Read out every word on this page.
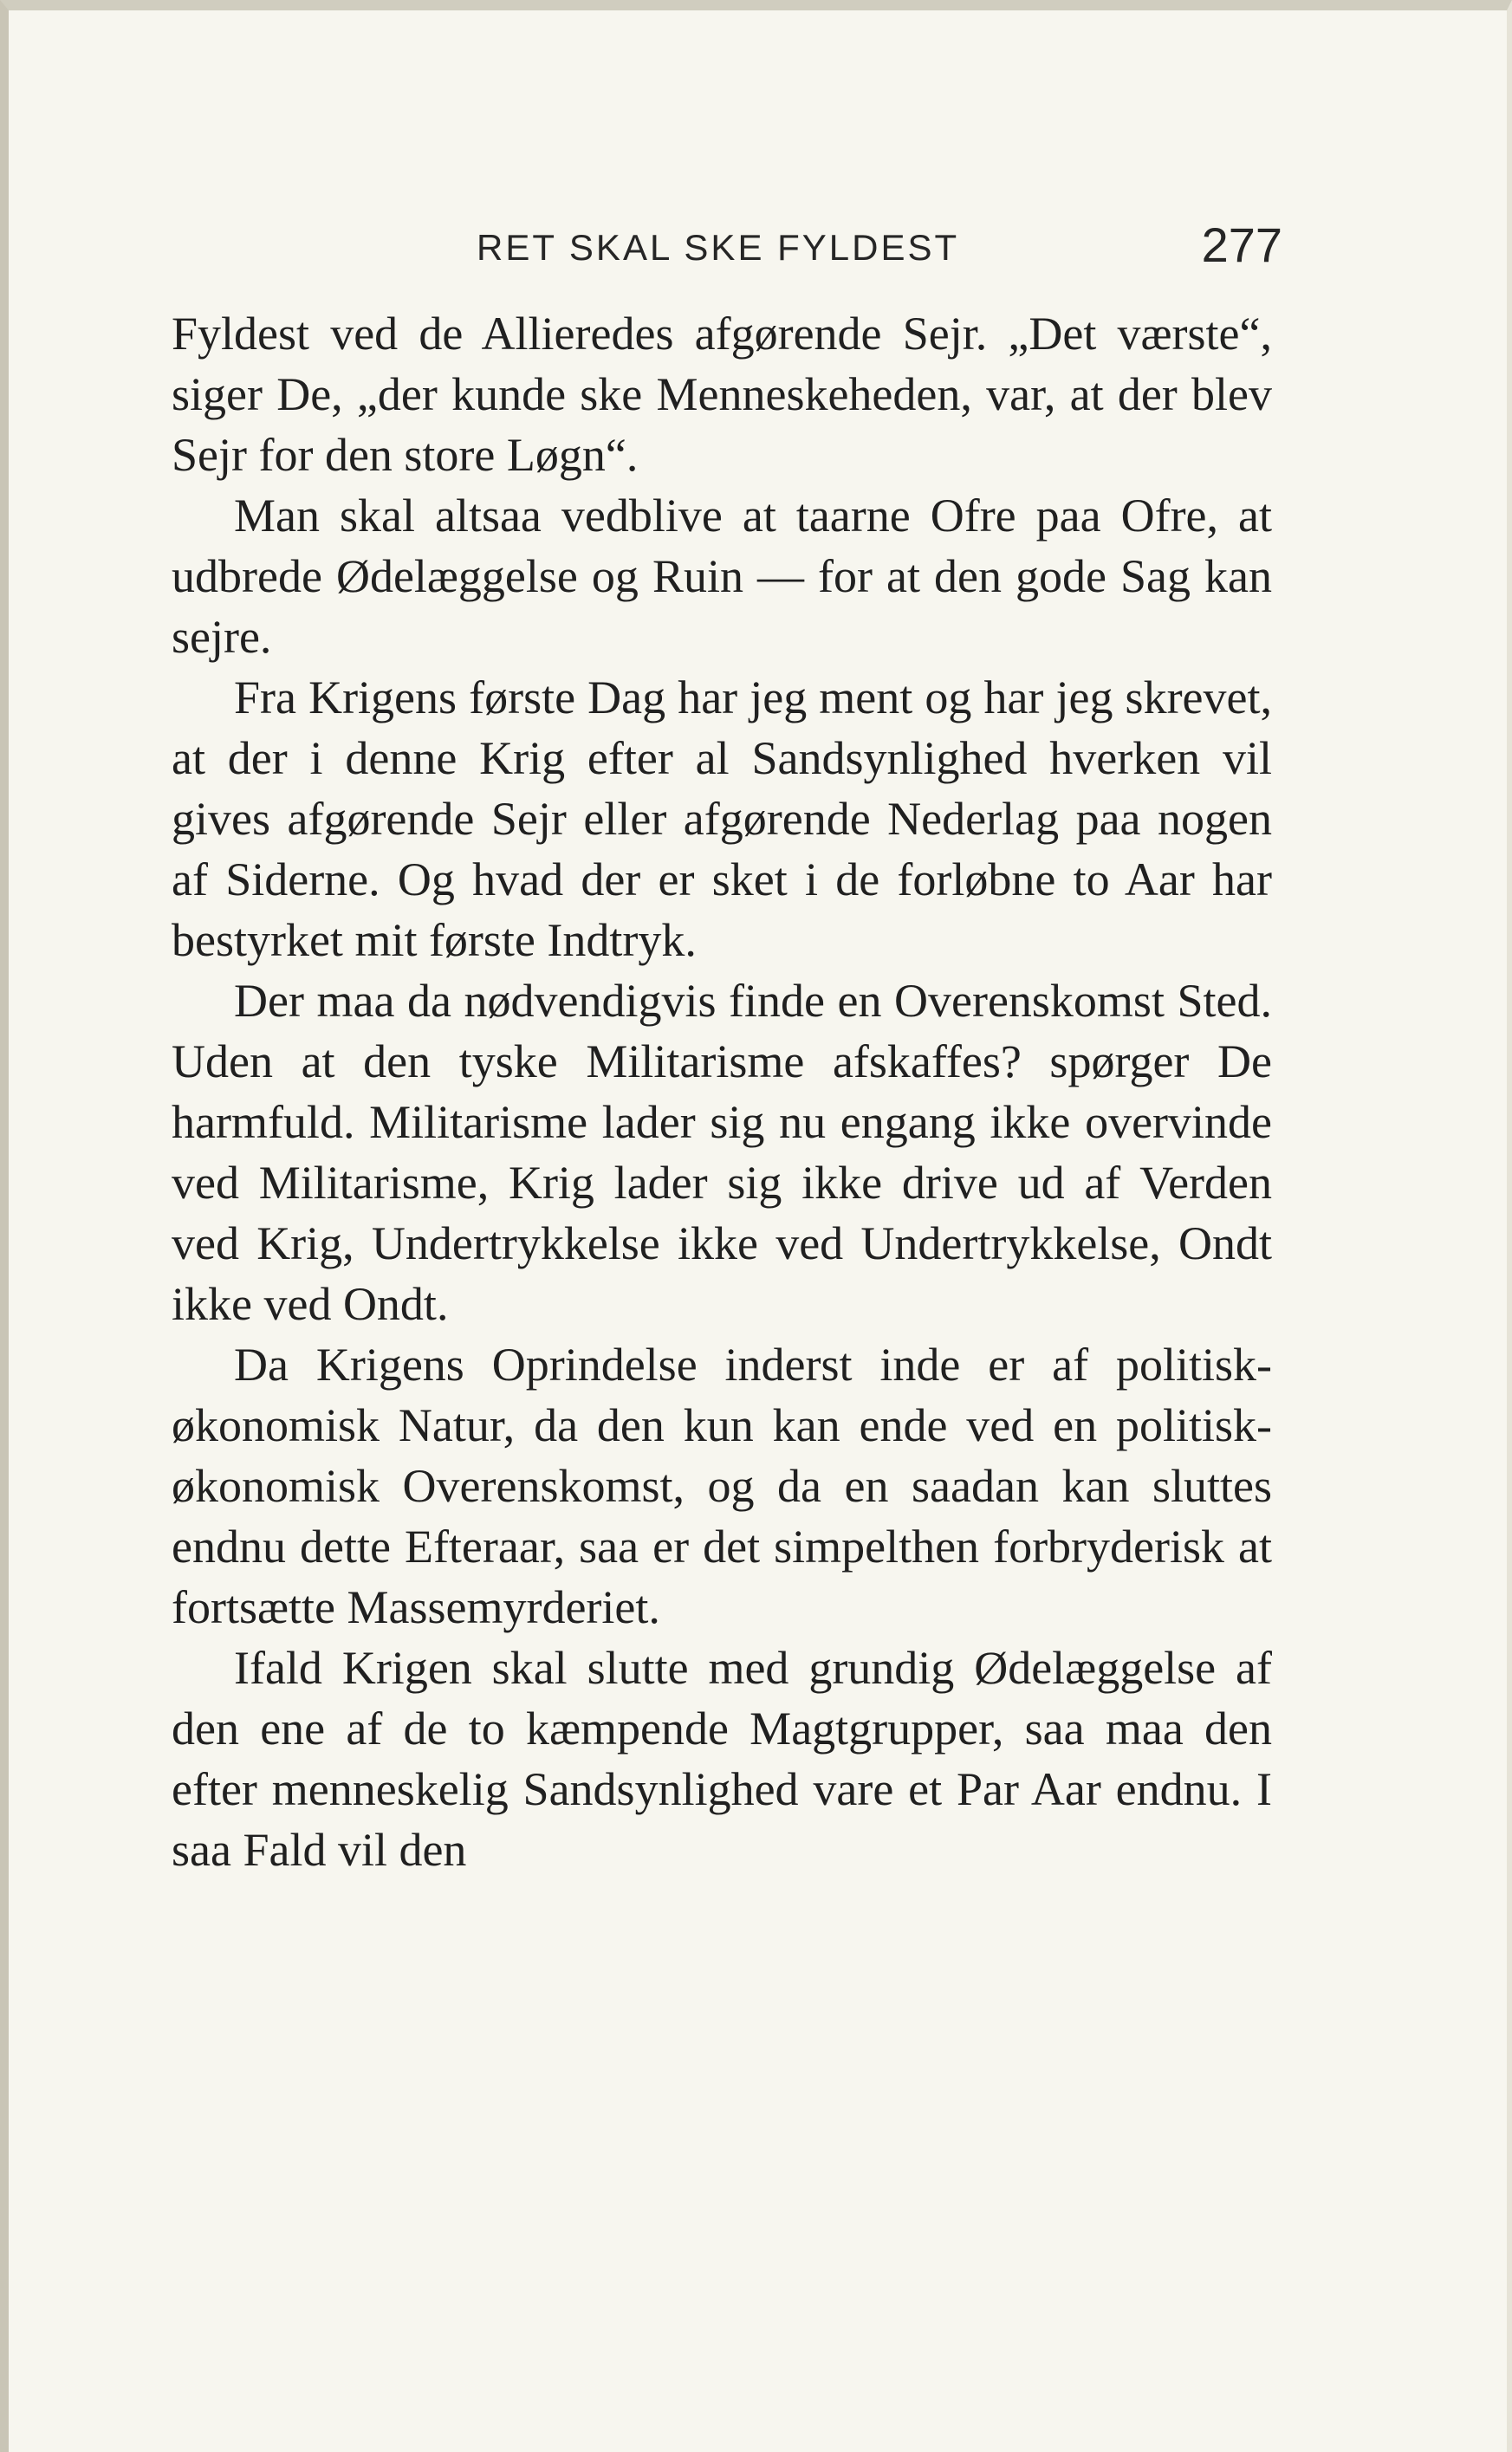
RET SKAL SKE FYLDEST	277

Fyldest ved de Allieredes afgørende Sejr. „Det værste“, siger De, „der kunde ske Menneskeheden, var, at der blev Sejr for den store Løgn“.

Man skal altsaa vedblive at taarne Ofre paa Ofre, at udbrede Ødelæggelse og Ruin — for at den gode Sag kan sejre.

Fra Krigens første Dag har jeg ment og har jeg skrevet, at der i denne Krig efter al Sandsynlighed hverken vil gives afgørende Sejr eller afgørende Nederlag paa nogen af Siderne. Og hvad der er sket i de forløbne to Aar har bestyrket mit første Indtryk.

Der maa da nødvendigvis finde en Overenskomst Sted. Uden at den tyske Militarisme afskaffes? spørger De harmfuld. Militarisme lader sig nu engang ikke overvinde ved Militarisme, Krig lader sig ikke drive ud af Verden ved Krig, Undertrykkelse ikke ved Undertrykkelse, Ondt ikke ved Ondt.

Da Krigens Oprindelse inderst inde er af politisk-økonomisk Natur, da den kun kan ende ved en politisk-økonomisk Overenskomst, og da en saadan kan sluttes endnu dette Efteraar, saa er det simpelthen forbryderisk at fortsætte Massemyrderiet.

Ifald Krigen skal slutte med grundig Ødelæggelse af den ene af de to kæmpende Magtgrupper, saa maa den efter menneskelig Sandsynlighed vare et Par Aar endnu. I saa Fald vil den
